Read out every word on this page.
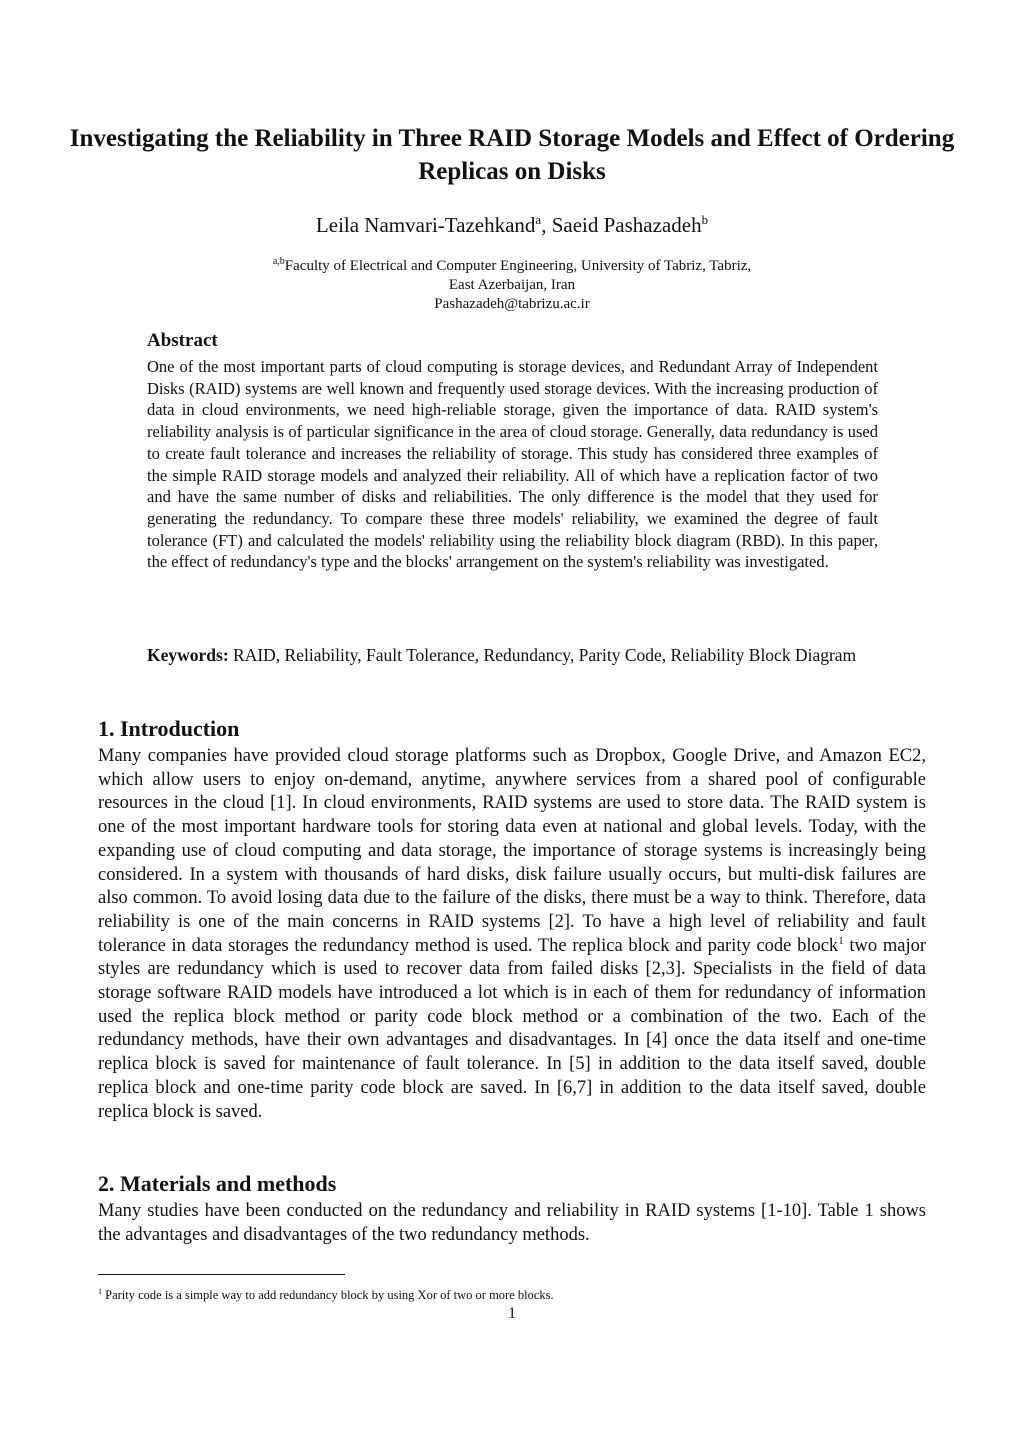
Investigating the Reliability in Three RAID Storage Models and Effect of Ordering Replicas on Disks
Leila Namvari-Tazehkand$^a$, Saeid Pashazadeh$^b$
$^{a,b}$Faculty of Electrical and Computer Engineering, University of Tabriz, Tabriz,
East Azerbaijan, Iran
Pashazadeh@tabrizu.ac.ir
Abstract
One of the most important parts of cloud computing is storage devices, and Redundant Array of Independent Disks (RAID) systems are well known and frequently used storage devices. With the increasing production of data in cloud environments, we need high-reliable storage, given the importance of data. RAID system's reliability analysis is of particular significance in the area of cloud storage. Generally, data redundancy is used to create fault tolerance and increases the reliability of storage. This study has considered three examples of the simple RAID storage models and analyzed their reliability. All of which have a replication factor of two and have the same number of disks and reliabilities. The only difference is the model that they used for generating the redundancy. To compare these three models' reliability, we examined the degree of fault tolerance (FT) and calculated the models' reliability using the reliability block diagram (RBD). In this paper, the effect of redundancy's type and the blocks' arrangement on the system's reliability was investigated.
Keywords: RAID, Reliability, Fault Tolerance, Redundancy, Parity Code, Reliability Block Diagram
1. Introduction
Many companies have provided cloud storage platforms such as Dropbox, Google Drive, and Amazon EC2, which allow users to enjoy on-demand, anytime, anywhere services from a shared pool of configurable resources in the cloud [1]. In cloud environments, RAID systems are used to store data. The RAID system is one of the most important hardware tools for storing data even at national and global levels. Today, with the expanding use of cloud computing and data storage, the importance of storage systems is increasingly being considered. In a system with thousands of hard disks, disk failure usually occurs, but multi-disk failures are also common. To avoid losing data due to the failure of the disks, there must be a way to think. Therefore, data reliability is one of the main concerns in RAID systems [2]. To have a high level of reliability and fault tolerance in data storages the redundancy method is used. The replica block and parity code block$^1$ two major styles are redundancy which is used to recover data from failed disks [2,3]. Specialists in the field of data storage software RAID models have introduced a lot which is in each of them for redundancy of information used the replica block method or parity code block method or a combination of the two. Each of the redundancy methods, have their own advantages and disadvantages. In [4] once the data itself and one-time replica block is saved for maintenance of fault tolerance. In [5] in addition to the data itself saved, double replica block and one-time parity code block are saved. In [6,7] in addition to the data itself saved, double replica block is saved.
2. Materials and methods
Many studies have been conducted on the redundancy and reliability in RAID systems [1-10]. Table 1 shows the advantages and disadvantages of the two redundancy methods.
$^1$ Parity code is a simple way to add redundancy block by using Xor of two or more blocks.
1
